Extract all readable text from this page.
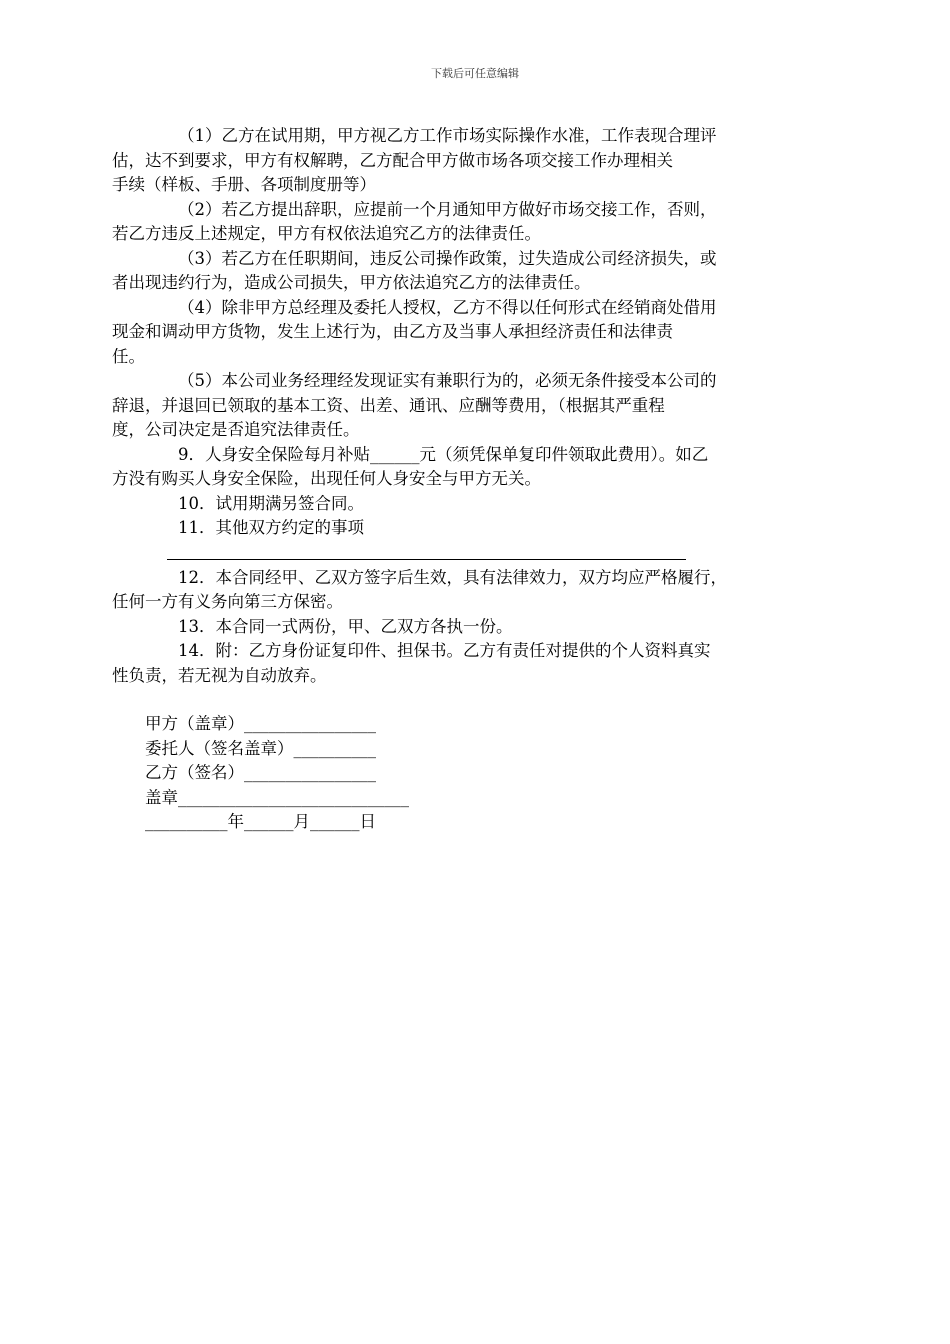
下载后可任意编辑

（1）乙方在试用期，甲方视乙方工作市场实际操作水准，工作表现合理评
估，达不到要求，甲方有权解聘，乙方配合甲方做市场各项交接工作办理相关
手续（样板、手册、各项制度册等）

（2）若乙方提出辞职，应提前一个月通知甲方做好市场交接工作，否则，
若乙方违反上述规定，甲方有权依法追究乙方的法律责任。

（3）若乙方在任职期间，违反公司操作政策，过失造成公司经济损失，或
者出现违约行为，造成公司损失，甲方依法追究乙方的法律责任。

（4）除非甲方总经理及委托人授权，乙方不得以任何形式在经销商处借用
现金和调动甲方货物，发生上述行为，由乙方及当事人承担经济责任和法律责
任。

（5）本公司业务经理经发现证实有兼职行为的，必须无条件接受本公司的
辞退，并退回已领取的基本工资、出差、通讯、应酬等费用，（根据其严重程
度，公司决定是否追究法律责任。

9．人身安全保险每月补贴______元（须凭保单复印件领取此费用）。如乙
方没有购买人身安全保险，出现任何人身安全与甲方无关。

10．试用期满另签合同。

11．其他双方约定的事项

12．本合同经甲、乙双方签字后生效，具有法律效力，双方均应严格履行，
任何一方有义务向第三方保密。

13．本合同一式两份，甲、乙双方各执一份。

14．附：乙方身份证复印件、担保书。乙方有责任对提供的个人资料真实
性负责，若无视为自动放弃。

甲方（盖章）________________

委托人（签名盖章）__________

乙方（签名）________________

盖章____________________________

__________年______月______日
